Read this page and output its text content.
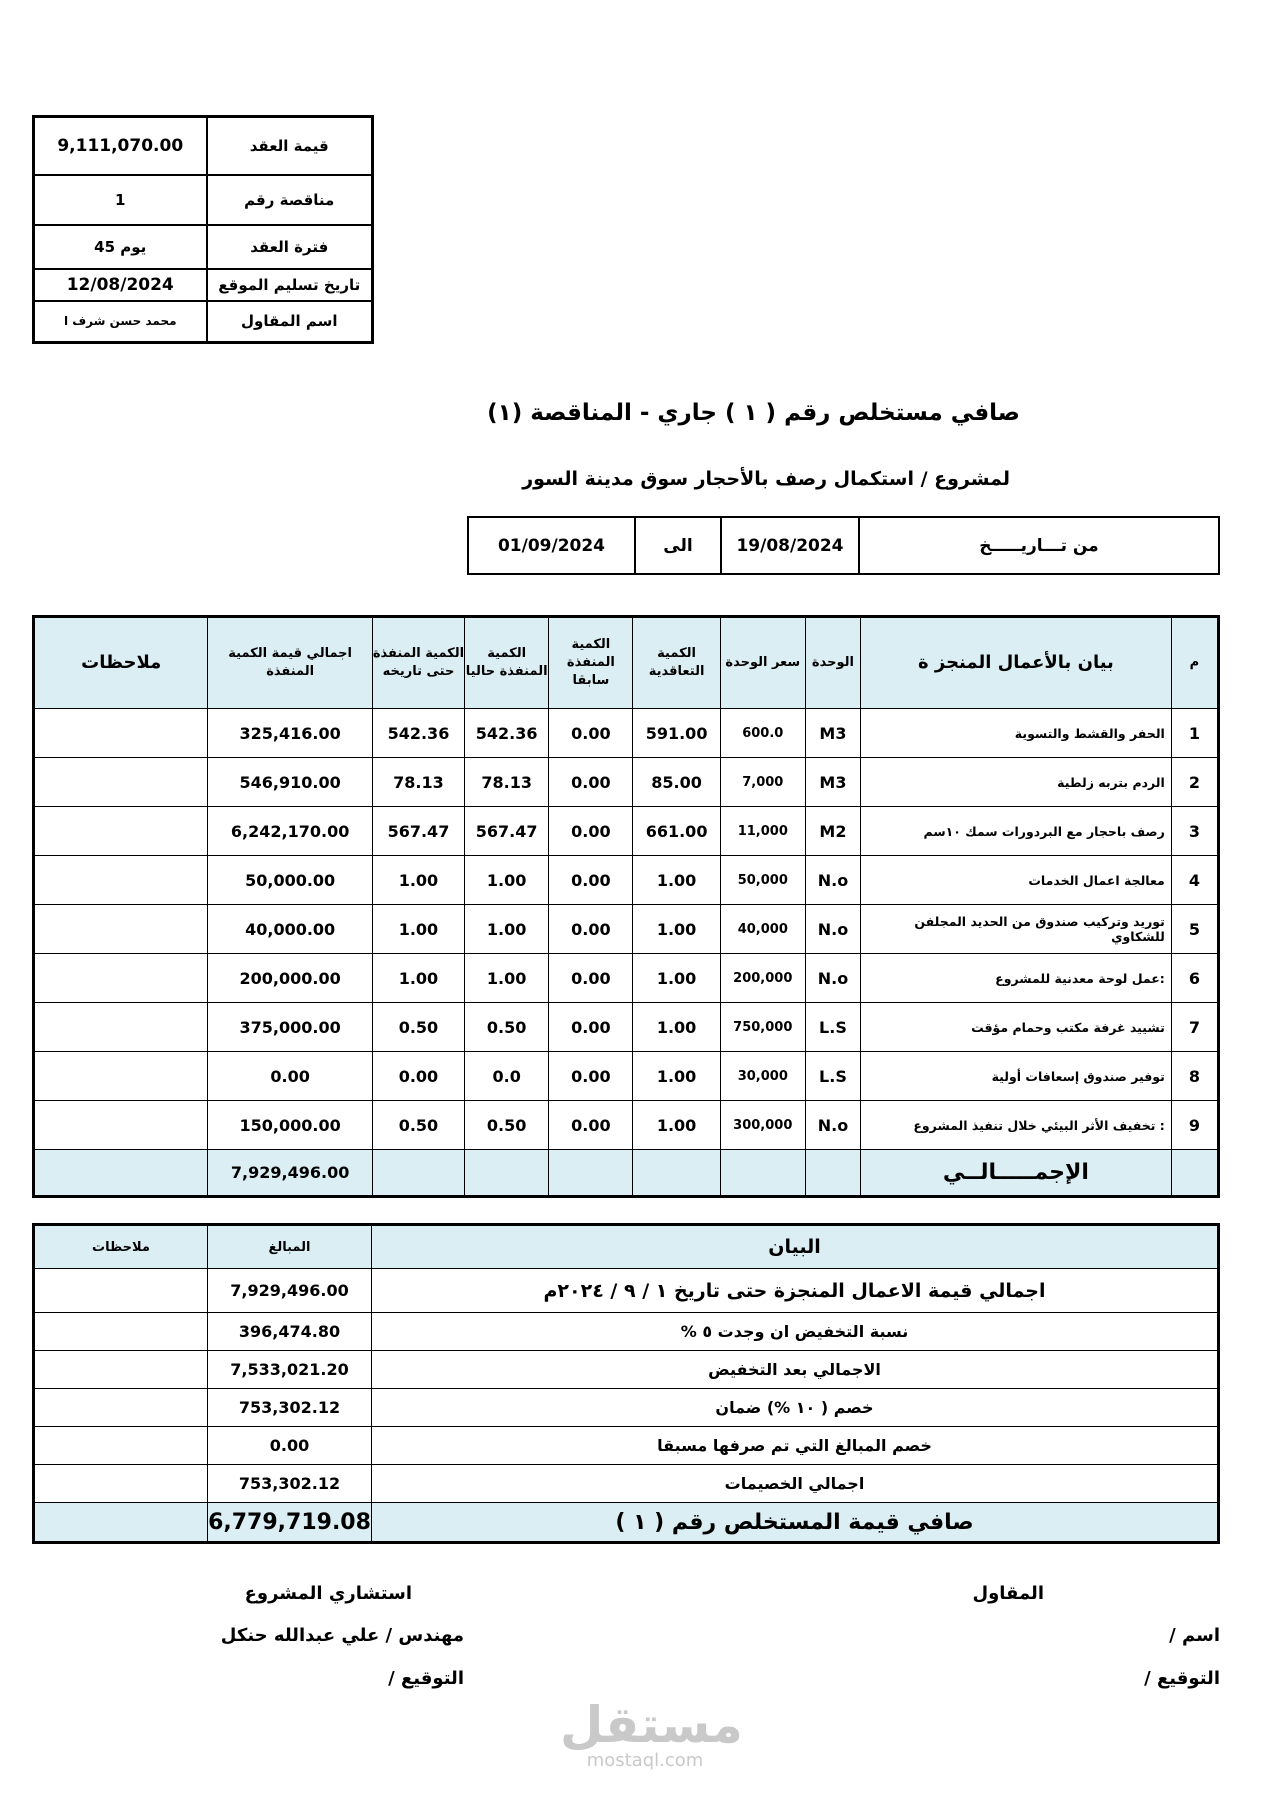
9,111,070.00	قيمة العقد
1	مناقصة رقم
يوم 45	فترة العقد
12/08/2024	تاريخ تسليم الموقع
محمد حسن شرف ا	اسم المقاول
صافي مستخلص رقم ( ١ ) جاري - المناقصة (١)
لمشروع / استكمال رصف بالأحجار سوق مدينة السور
01/09/2024	الى	19/08/2024	من تـــاريـــــخ
ملاحظات	اجمالي قيمة الكمية المنفذة	الكمية المنفذة حتى تاريخه	الكمية المنفذة حاليا	الكمية المنفذة سابقا	الكمية التعاقدية	سعر الوحدة	الوحدة	بيان بالأعمال المنجز ة	م
	325,416.00	542.36	542.36	0.00	591.00	600.0	M3	الحفر والقشط والتسوية	1
	546,910.00	78.13	78.13	0.00	85.00	7,000	M3	الردم بتربه زلطية	2
	6,242,170.00	567.47	567.47	0.00	661.00	11,000	M2	رصف باحجار مع البردورات سمك ١٠سم	3
	50,000.00	1.00	1.00	0.00	1.00	50,000	N.o	معالجة اعمال الخدمات	4
	40,000.00	1.00	1.00	0.00	1.00	40,000	N.o	توريد وتركيب صندوق من الحديد المجلفن للشكاوي	5
	200,000.00	1.00	1.00	0.00	1.00	200,000	N.o	:عمل لوحة معدنية للمشروع	6
	375,000.00	0.50	0.50	0.00	1.00	750,000	L.S	تشييد غرفة مكتب وحمام مؤقت	7
	0.00	0.00	0.0	0.00	1.00	30,000	L.S	توفير صندوق إسعافات أولية	8
	150,000.00	0.50	0.50	0.00	1.00	300,000	N.o	: تخفيف الأثر البيئي خلال تنفيذ المشروع	9
	7,929,496.00							الإجمـــــالــي	
ملاحظات	المبالغ	البيان
	7,929,496.00	اجمالي قيمة الاعمال المنجزة حتى تاريخ ١ / ٩ / ٢٠٢٤م
	396,474.80	نسبة التخفيض ان وجدت ٥ %
	7,533,021.20	الاجمالي بعد التخفيض
	753,302.12	خصم ( ١٠ %) ضمان
	0.00	خصم المبالغ التي تم صرفها مسبقا
	753,302.12	اجمالي الخصيمات
	6,779,719.08	صافي قيمة المستخلص رقم ( ١ )
المقاول
اسم /
التوقيع /
استشاري المشروع
مهندس / علي عبدالله حنكل
التوقيع /
مستقل
mostaql.com
